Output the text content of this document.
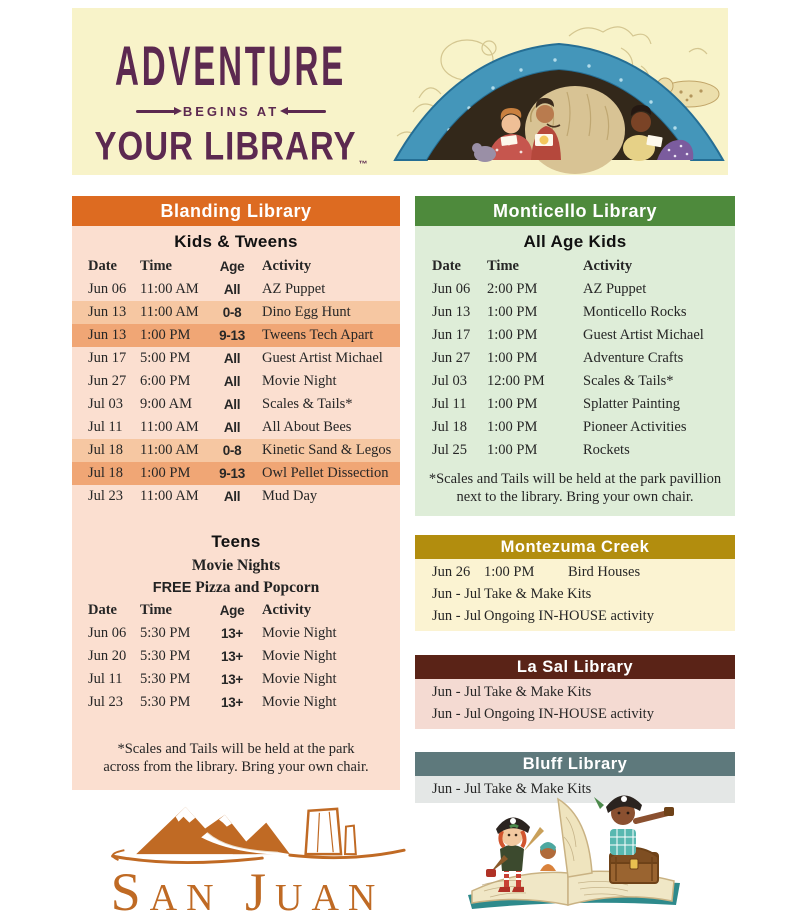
ADVENTURE
BEGINS AT
YOUR LIBRARY ™
Blanding Library
Kids & Tweens
Date	Time	Age	Activity
Jun 06 11:00 AM	All	AZ Puppet
Jun 13 11:00 AM	0-8	Dino Egg Hunt
Jun 13 1:00 PM	9-13	Tweens Tech Apart
Jun 17 5:00 PM	All	Guest Artist Michael
Jun 27 6:00 PM	All	Movie Night
Jul 03	9:00 AM	All	Scales & Tails*
Jul 11	11:00 AM	All	All About Bees
Jul 18	11:00 AM	0-8	Kinetic Sand & Legos
Jul 18	1:00 PM	9-13	Owl Pellet Dissection
Jul 23	11:00 AM	All	Mud Day
Teens
Movie Nights
FREE Pizza and Popcorn
Date	Time	Age	Activity
Jun 06 5:30 PM	13+	Movie Night
Jun 20 5:30 PM	13+	Movie Night
Jul 11	5:30 PM	13+	Movie Night
Jul 23	5:30 PM	13+	Movie Night
*Scales and Tails will be held at the park
across from the library. Bring your own chair.
Monticello Library
All Age Kids
Date	Time	Activity
Jun 06	2:00 PM	AZ Puppet
Jun 13	1:00 PM	Monticello Rocks
Jun 17	1:00 PM	Guest Artist Michael
Jun 27	1:00 PM	Adventure Crafts
Jul 03	12:00 PM	Scales & Tails*
Jul 11	1:00 PM	Splatter Painting
Jul 18	1:00 PM	Pioneer Activities
Jul 25	1:00 PM	Rockets
*Scales and Tails will be held at the park pavillion
next to the library. Bring your own chair.
Montezuma Creek
Jun 26 1:00 PM	Bird Houses
Jun - Jul Take & Make Kits
Jun - Jul Ongoing IN-HOUSE activity
La Sal Library
Jun - Jul Take & Make Kits
Jun - Jul Ongoing IN-HOUSE activity
Bluff Library
Jun - Jul Take & Make Kits
San Juan
